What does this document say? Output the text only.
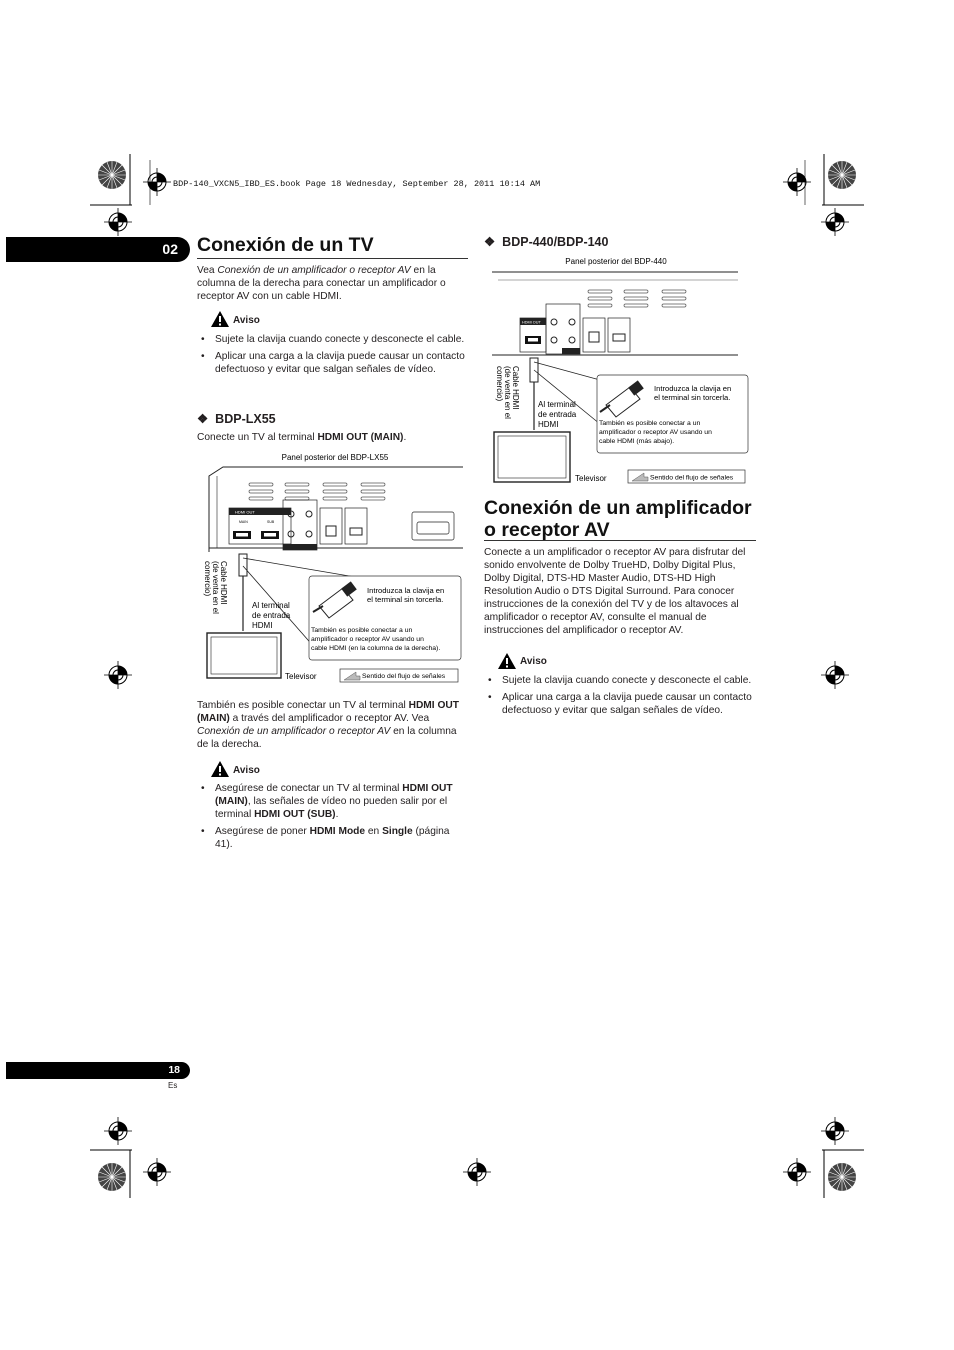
BDP-140_VXCN5_IBD_ES.book Page 18 Wednesday, September 28, 2011 10:14 AM
02 Conexión de un TV
Vea Conexión de un amplificador o receptor AV en la columna de la derecha para conectar un amplificador o receptor AV con un cable HDMI.
Aviso
• Sujete la clavija cuando conecte y desconecte el cable.
• Aplicar una carga a la clavija puede causar un contacto defectuoso y evitar que salgan señales de vídeo.
❖ BDP-LX55
Conecte un TV al terminal HDMI OUT (MAIN).
Panel posterior del BDP-LX55
HDMI OUT
MAIN	SUB
Cable HDMI(de venta en elcomercio)
Al terminal de entrada HDMI
Introduzca la clavija en el terminal sin torcerla.
También es posible conectar a un amplificador o receptor AV usando un cable HDMI (en la columna de la derecha).
Televisor	Sentido del flujo de señales
También es posible conectar un TV al terminal HDMI OUT (MAIN) a través del amplificador o receptor AV. Vea Conexión de un amplificador o receptor AV en la columna de la derecha.
Aviso
• Asegúrese de conectar un TV al terminal HDMI OUT (MAIN), las señales de vídeo no pueden salir por el terminal HDMI OUT (SUB).
• Asegúrese de poner HDMI Mode en Single (página 41).
❖ BDP-440/BDP-140
Panel posterior del BDP-440
HDMI OUT
Cable HDMI(de venta en elcomercio)
Al terminal de entrada HDMI
Introduzca la clavija en el terminal sin torcerla.
También es posible conectar a un amplificador o receptor AV usando un cable HDMI (más abajo).
Televisor	Sentido del flujo de señales
Conexión de un amplificador
o receptor AV
Conecte a un amplificador o receptor AV para disfrutar del sonido envolvente de Dolby TrueHD, Dolby Digital Plus, Dolby Digital, DTS-HD Master Audio, DTS-HD High Resolution Audio o DTS Digital Surround. Para conocer instrucciones de la conexión del TV y de los altavoces al amplificador o receptor AV, consulte el manual de instrucciones del amplificador o receptor AV.
Aviso
• Sujete la clavija cuando conecte y desconecte el cable.
• Aplicar una carga a la clavija puede causar un contacto defectuoso y evitar que salgan señales de vídeo.
18
Es
